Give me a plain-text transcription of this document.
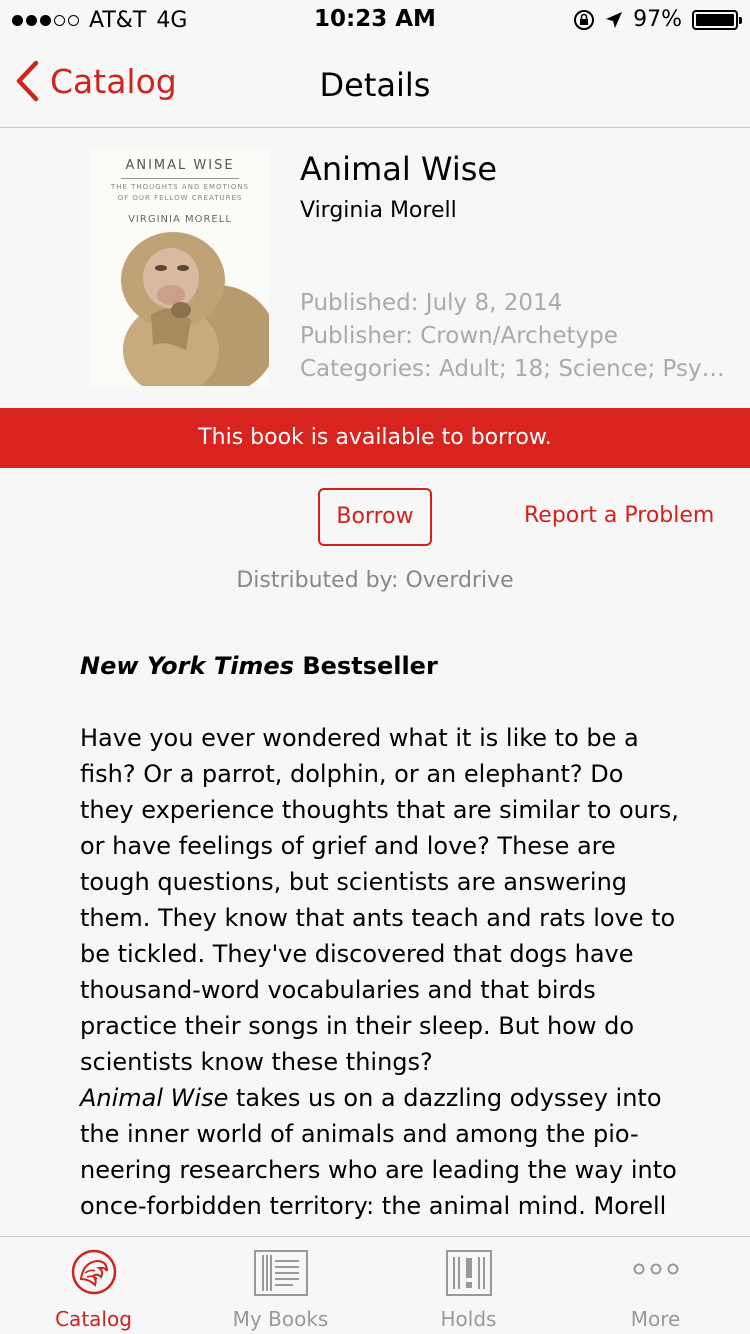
AT&T 4G	10:23 AM	97%
Catalog	Details
ANIMAL WISE
THE THOUGHTS AND EMOTIONS
OF OUR FELLOW CREATURES
VIRGINIA MORELL
Animal Wise
Virginia Morell
Published: July 8, 2014
Publisher: Crown/Archetype
Categories: Adult; 18; Science; Psy…
This book is available to borrow.
Borrow	Report a Problem
Distributed by: Overdrive

New York Times Bestseller

Have you ever wondered what it is like to be a fish? Or a parrot, dolphin, or an elephant? Do they experience thoughts that are similar to ours, or have feelings of grief and love? These are tough questions, but scientists are answering them. They know that ants teach and rats love to be tickled. They've discovered that dogs have thousand-word vocabularies and that birds practice their songs in their sleep. But how do scientists know these things?

Animal Wise takes us on a dazzling odyssey into the inner world of animals and among the pio-neering researchers who are leading the way into once-forbidden territory: the animal mind. Morell

Catalog	My Books	Holds	More
